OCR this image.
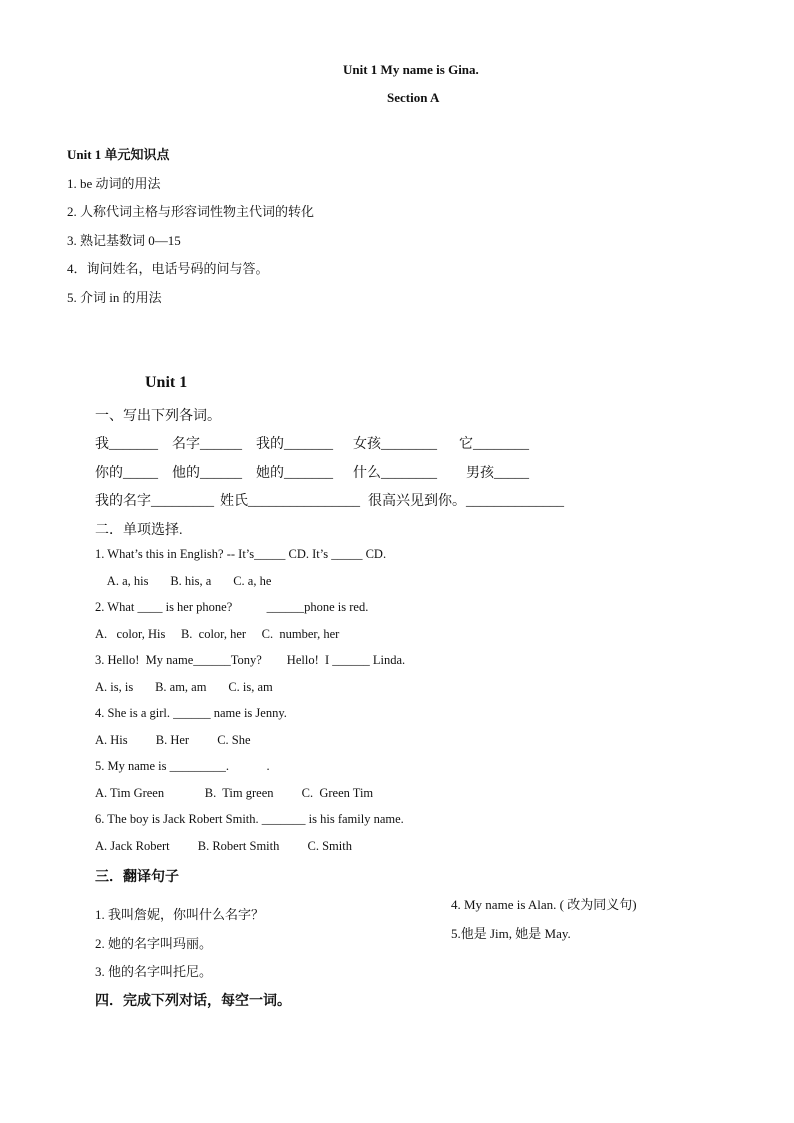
Unit 1 My name is Gina.
Section A
Unit 1 单元知识点
1. be 动词的用法
2. 人称代词主格与形容词性物主代词的转化
3. 熟记基数词 0—15
4．询问姓名，电话号码的问与答。
5. 介词 in 的用法
Unit 1
一、写出下列各词。
我_______ 名字______ 我的_______ 女孩________ 它________
你的_____ 他的______ 她的_______ 什么________ 男孩_____
我的名字_________ 姓氏________________ 很高兴见到你。______________
二．单项选择.
1. What’s this in English? -- It’s_____ CD. It’s _____ CD.
A. a, his       B. his, a       C. a, he
2. What ____ is her phone?           ______phone is red.
A.   color, His     B.  color, her     C.  number, her
3. Hello!  My name______Tony?        Hello!  I ______ Linda.
A. is, is       B. am, am       C. is, am
4. She is a girl. ______ name is Jenny.
A. His         B. Her         C. She
5. My name is _________.            .
A. Tim Green             B.  Tim green         C.  Green Tim
6. The boy is Jack Robert Smith. _______ is his family name.
A. Jack Robert         B. Robert Smith         C. Smith
三．翻译句子
4. My name is Alan. ( 改为同义句)
1. 我叫詹妮，你叫什么名字？
5.他是 Jim, 她是 May.
2. 她的名字叫玛丽。
3. 他的名字叫托尼。
四．完成下列对话，每空一词。
